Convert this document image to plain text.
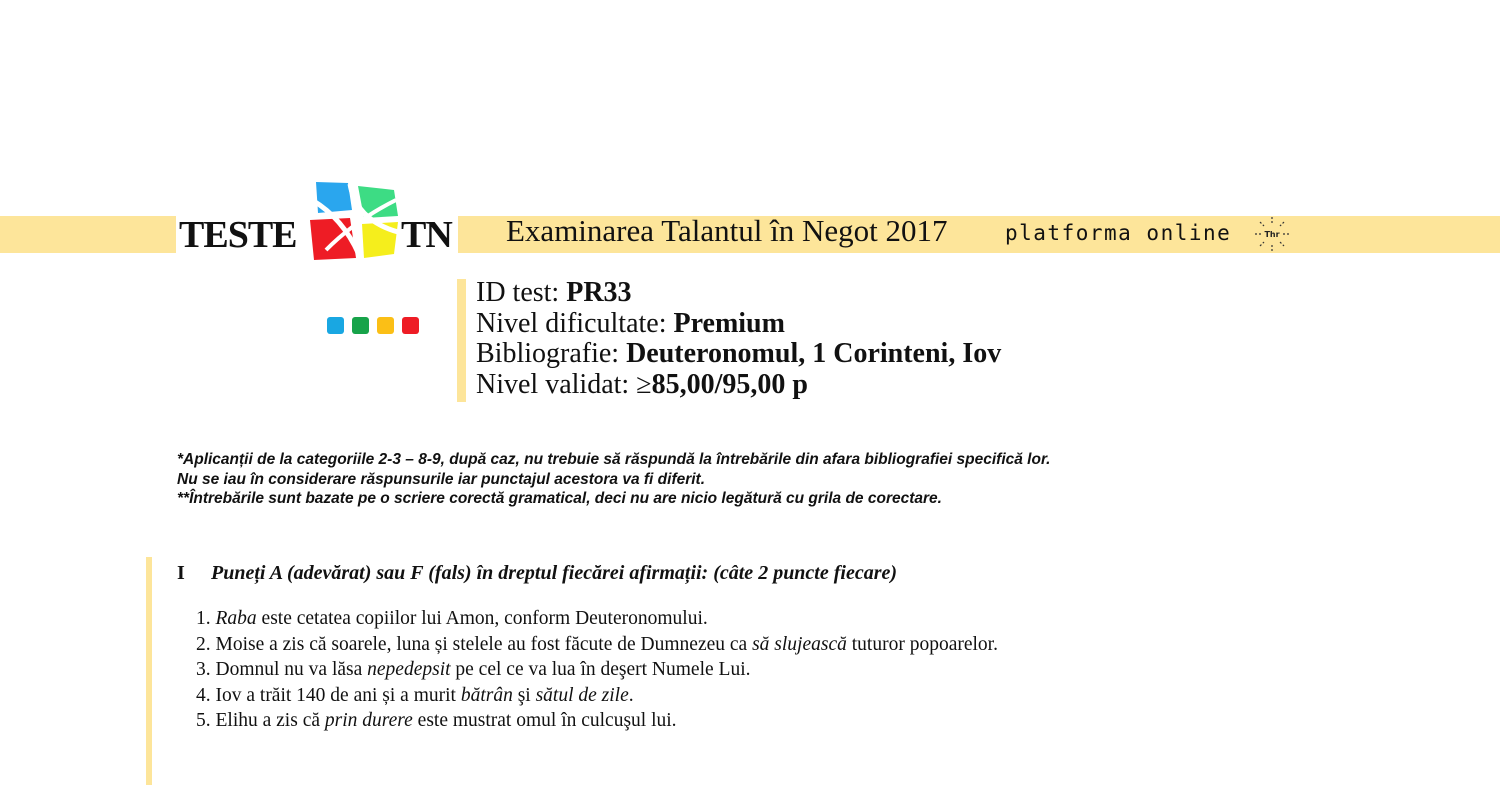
TESTE	TN Examinarea Talantul în Negot 2017	platforma online	Thr
ID test: PR33
Nivel dificultate: Premium
Bibliografie: Deuteronomul, 1 Corinteni, Iov
Nivel validat: ≥85,00/95,00 p
*Aplicanții de la categoriile 2-3 – 8-9, după caz, nu trebuie să răspundă la întrebările din afara bibliografiei specifică lor.
Nu se iau în considerare răspunsurile iar punctajul acestora va fi diferit.
**Întrebările sunt bazate pe o scriere corectă gramatical, deci nu are nicio legătură cu grila de corectare.
I Puneți A (adevărat) sau F (fals) în dreptul fiecărei afirmații: (câte 2 puncte fiecare)
1. Raba este cetatea copiilor lui Amon, conform Deuteronomului.
2. Moise a zis că soarele, luna și stelele au fost făcute de Dumnezeu ca să slujească tuturor popoarelor.
3. Domnul nu va lăsa nepedepsit pe cel ce va lua în deşert Numele Lui.
4. Iov a trăit 140 de ani și a murit bătrân şi sătul de zile.
5. Elihu a zis că prin durere este mustrat omul în culcuşul lui.
